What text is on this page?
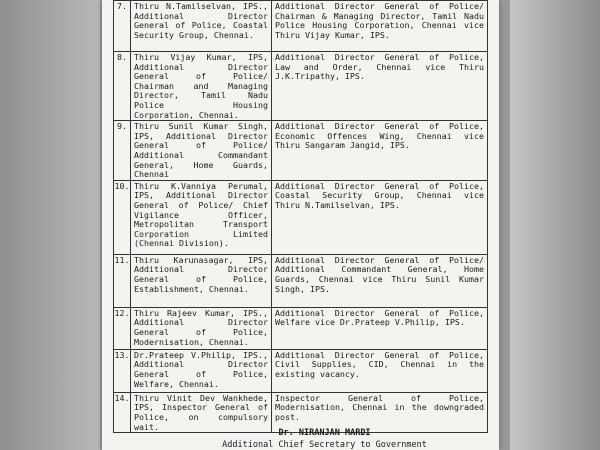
7.	Thiru N.Tamilselvan, IPS., Additional Director General of Police, Coastal Security Group, Chennai.	Additional Director General of Police/ Chairman & Managing Director, Tamil Nadu Police Housing Corporation, Chennai vice Thiru Vijay Kumar, IPS.
8.	Thiru Vijay Kumar, IPS, Additional Director General of Police/ Chairman and Managing Director, Tamil Nadu Police Housing Corporation, Chennai.	Additional Director General of Police, Law and Order, Chennai vice Thiru J.K.Tripathy, IPS.
9.	Thiru Sunil Kumar Singh, IPS, Additional Director General of Police/ Additional Commandant General, Home Guards, Chennai	Additional Director General of Police, Economic Offences Wing, Chennai vice Thiru Sangaram Jangid, IPS.
10.	Thiru K.Vanniya Perumal, IPS, Additional Director General of Police/ Chief Vigilance Officer, Metropolitan Transport Corporation Limited (Chennai Division).	Additional Director General of Police, Coastal Security Group, Chennai vice Thiru N.Tamilselvan, IPS.
11.	Thiru Karunasagar, IPS, Additional Director General of Police, Establishment, Chennai.	Additional Director General of Police/ Additional Commandant General, Home Guards, Chennai vice Thiru Sunil Kumar Singh, IPS.
12.	Thiru Rajeev Kumar, IPS., Additional Director General of Police, Modernisation, Chennai.	Additional Director General of Police, Welfare vice Dr.Prateep V.Philip, IPS.
13.	Dr.Prateep V.Philip, IPS., Additional Director General of Police, Welfare, Chennai.	Additional Director General of Police, Civil Supplies, CID, Chennai in the existing vacancy.
14.	Thiru Vinit Dev Wankhede, IPS, Inspector General of Police, on compulsory wait.	Inspector General of Police, Modernisation, Chennai in the downgraded post.
Dr. NIRANJAN MARDI
Additional Chief Secretary to Government
